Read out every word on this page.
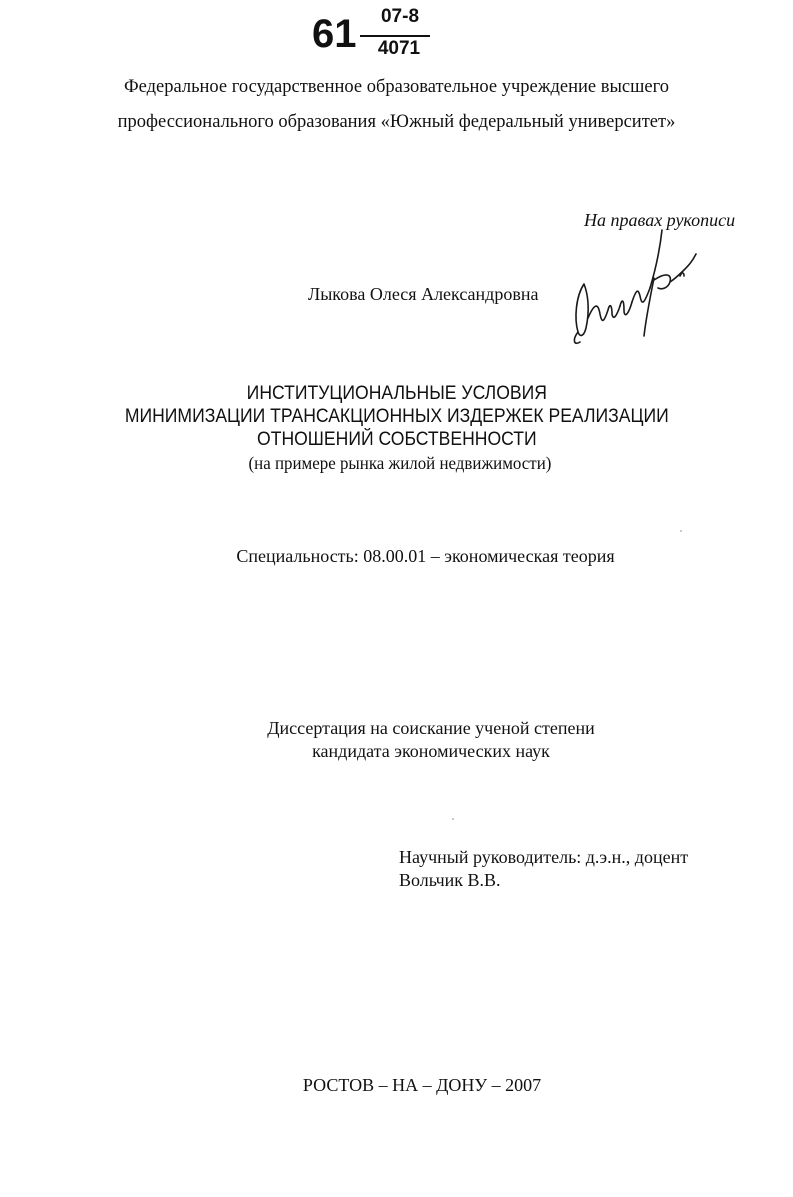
61	07-8
4071
Федеральное государственное образовательное учреждение высшего
профессионального образования «Южный федеральный университет»
На правах рукописи
Лыкова Олеся Александровна
ИНСТИТУЦИОНАЛЬНЫЕ УСЛОВИЯ
МИНИМИЗАЦИИ ТРАНСАКЦИОННЫХ ИЗДЕРЖЕК РЕАЛИЗАЦИИ
ОТНОШЕНИЙ СОБСТВЕННОСТИ
(на примере рынка жилой недвижимости)
Специальность: 08.00.01 – экономическая теория
Диссертация на соискание ученой степени
кандидата экономических наук
Научный руководитель: д.э.н., доцент
Вольчик В.В.
РОСТОВ – НА – ДОНУ – 2007
